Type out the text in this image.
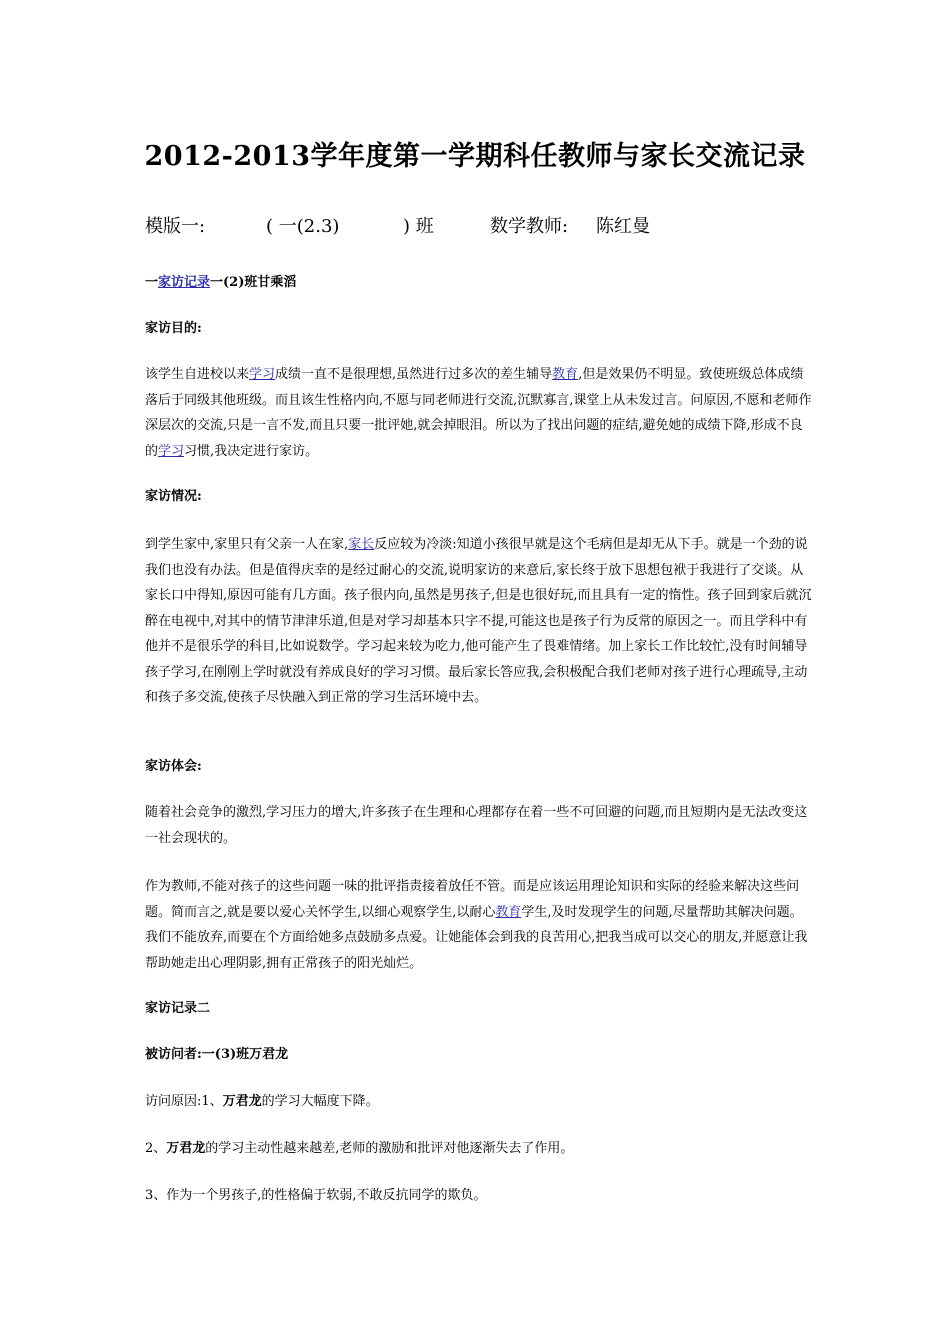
2012-2013学年度第一学期科任教师与家长交流记录

模版一:

	( 一(2.3)

	) 班

	数学教师:

陈红曼

一家访记录一(2)班甘乘滔
家访目的:
该学生自进校以来学习成绩一直不是很理想,虽然进行过多次的差生辅导教育,但是效果仍不明显。致使班级总体成绩落后于同级其他班级。而且该生性格内向,不愿与同老师进行交流,沉默寡言,课堂上从未发过言。问原因,不愿和老师作深层次的交流,只是一言不发,而且只要一批评她,就会掉眼泪。所以为了找出问题的症结,避免她的成绩下降,形成不良的学习习惯,我决定进行家访。
家访情况:
到学生家中,家里只有父亲一人在家,家长反应较为冷淡:知道小孩很早就是这个毛病但是却无从下手。就是一个劲的说我们也没有办法。但是值得庆幸的是经过耐心的交流,说明家访的来意后,家长终于放下思想包袱于我进行了交谈。从家长口中得知,原因可能有几方面。孩子很内向,虽然是男孩子,但是也很好玩,而且具有一定的惰性。孩子回到家后就沉醉在电视中,对其中的情节津津乐道,但是对学习却基本只字不提,可能这也是孩子行为反常的原因之一。而且学科中有他并不是很乐学的科目,比如说数学。学习起来较为吃力,他可能产生了畏难情绪。加上家长工作比较忙,没有时间辅导孩子学习,在刚刚上学时就没有养成良好的学习习惯。最后家长答应我,会积极配合我们老师对孩子进行心理疏导,主动和孩子多交流,使孩子尽快融入到正常的学习生活环境中去。
家访体会:
随着社会竞争的激烈,学习压力的增大,许多孩子在生理和心理都存在着一些不可回避的问题,而且短期内是无法改变这一社会现状的。
作为教师,不能对孩子的这些问题一味的批评指责接着放任不管。而是应该运用理论知识和实际的经验来解决这些问题。简而言之,就是要以爱心关怀学生,以细心观察学生,以耐心教育学生,及时发现学生的问题,尽量帮助其解决问题。我们不能放弃,而要在个方面给她多点鼓励多点爱。让她能体会到我的良苦用心,把我当成可以交心的朋友,并愿意让我帮助她走出心理阴影,拥有正常孩子的阳光灿烂。
家访记录二
被访问者:一(3)班万君龙
访问原因:1、万君龙的学习大幅度下降。
2、万君龙的学习主动性越来越差,老师的激励和批评对他逐渐失去了作用。
3、作为一个男孩子,的性格偏于软弱,不敢反抗同学的欺负。
